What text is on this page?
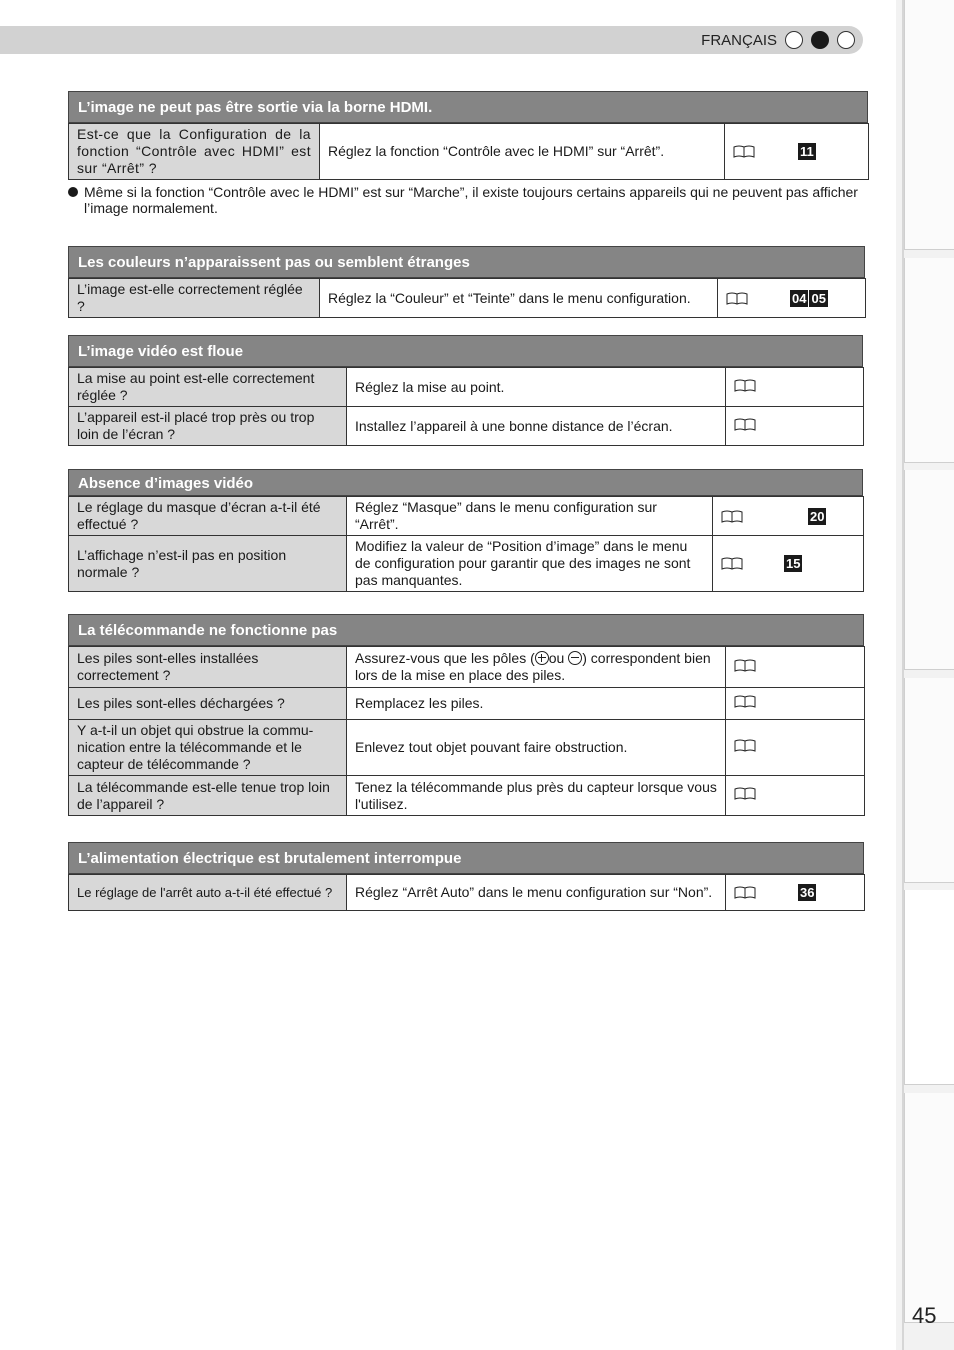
FRANÇAIS
L’image ne peut pas être sortie via la borne HDMI.
Est-ce que la Configuration de la fonction “Contrôle avec HDMI” est sur “Arrêt” ?	Réglez la fonction “Contrôle avec le HDMI” sur “Arrêt”.	11
Même si la fonction “Contrôle avec le HDMI” est sur “Marche”, il existe toujours certains appareils qui ne peuvent pas afficher l’image normalement.
Les couleurs n’apparaissent pas ou semblent étranges
L’image est-elle correctement réglée ?	Réglez la “Couleur” et “Teinte” dans le menu configuration.	04 05
L’image vidéo est floue
La mise au point est-elle correctement réglée ?	Réglez la mise au point.	
L’appareil est-il placé trop près ou trop loin de l’écran ?	Installez l’appareil à une bonne distance de l’écran.	
Absence d’images vidéo
Le réglage du masque d’écran a-t-il été effectué ?	Réglez “Masque” dans le menu configuration sur “Arrêt”.	20

L’affichage n’est-il pas en position normale ?	Modifiez la valeur de “Position d’image” dans le menu de configuration pour garantir que des images ne sont pas manquantes.	15
La télécommande ne fonctionne pas
Les piles sont-elles installées correctement ?	Assurez-vous que les pôles ( ou ) correspondent bien lors de la mise en place des piles.	
Les piles sont-elles déchargées ?	Remplacez les piles.	
Y a-t-il un objet qui obstrue la commu-nication entre la télécommande et le capteur de télécommande ?	Enlevez tout objet pouvant faire obstruction.	
La télécommande est-elle tenue trop loin de l’appareil ?	Tenez la télécommande plus près du capteur lorsque vous l'utilisez.	
L’alimentation électrique est brutalement interrompue
Le réglage de l'arrêt auto a-t-il été effectué ?	Réglez “Arrêt Auto” dans le menu configuration sur “Non”.	36
45
